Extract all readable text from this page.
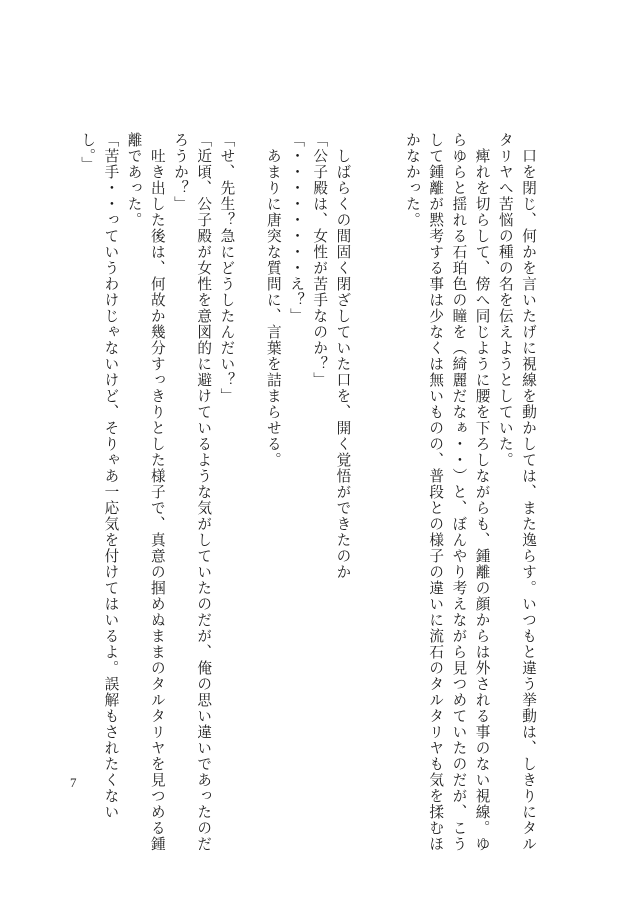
　口を閉じ、何かを言いたげに視線を動かしては、また逸らす。いつもと違う挙動は、しきりにタル

タリヤへ苦悩の種の名を伝えようとしていた。

　痺れを切らして、傍へ同じように腰を下ろしながらも、鍾離の顔からは外される事のない視線。ゆ

らゆらと揺れる石珀色の瞳を（綺麗だなぁ・・）と、ぼんやり考えながら見つめていたのだが、こう

して鍾離が黙考する事は少なくは無いものの、普段との様子の違いに流石のタルタリヤも気を揉むほ

かなかった。

　しばらくの間固く閉ざしていた口を、開く覚悟ができたのか

「公子殿は、女性が苦手なのか？」

「・・・・・・・・え？」

　あまりに唐突な質問に、言葉を詰まらせる。

「せ、先生？急にどうしたんだい？」

「近頃、公子殿が女性を意図的に避けているような気がしていたのだが、俺の思い違いであったのだ

ろうか？」

　吐き出した後は、何故か幾分すっきりとした様子で、真意の掴めぬままのタルタリヤを見つめる鍾

離であった。

「苦手・・っていうわけじゃないけど、そりゃあ一応気を付けてはいるよ。誤解もされたくない

し。」

7
